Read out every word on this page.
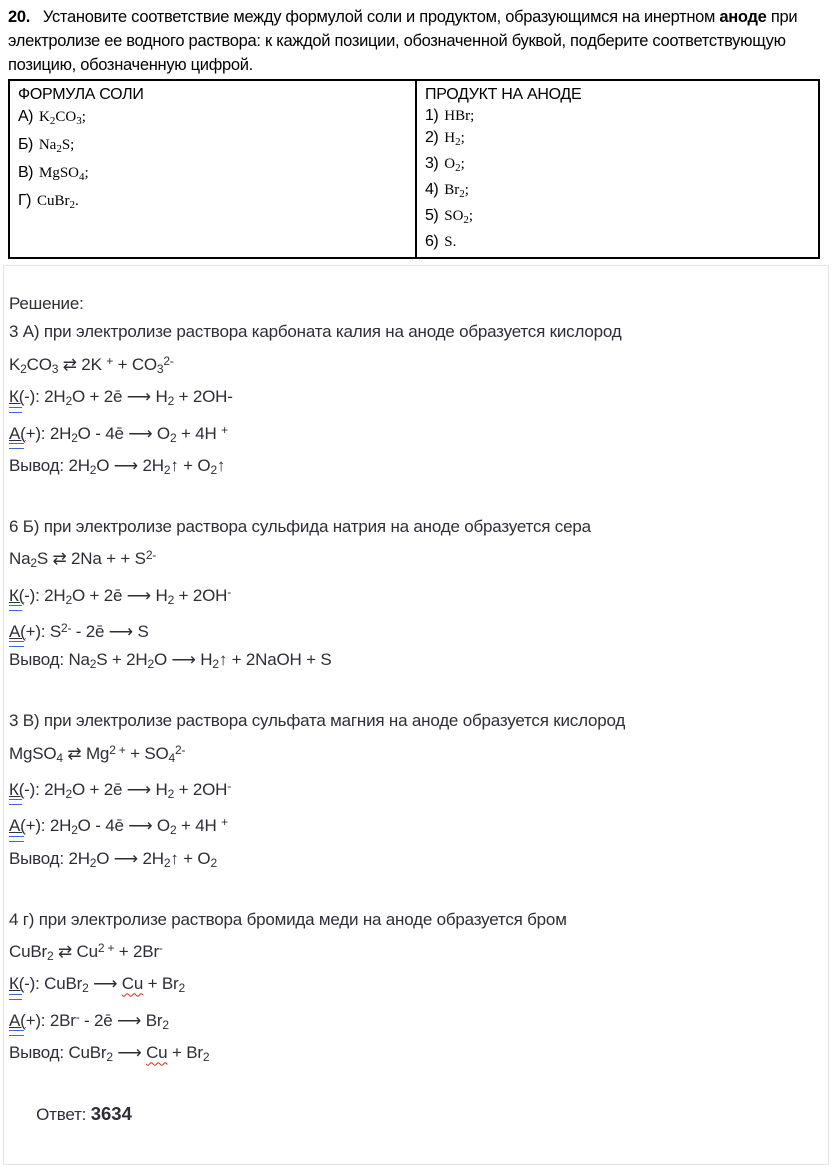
20.   Установите соответствие между формулой соли и продуктом, образующимся на инертном аноде при
электролизе ее водного раствора: к каждой позиции, обозначенной буквой, подберите соответствующую
позицию, обозначенную цифрой.
ФОРМУЛА СОЛИ
А) $K_2CO_3$;
Б) $Na_2S$;
В) MgSO$_4$;
Г) CuBr$_2$.
ПРОДУКТ НА АНОДЕ
1) HBr;
2) $H_2$;
3) $O_2$;
4) $Br_2$;
5) $SO_2$;
6) S.
Решение:
3 А) при электролизе раствора карбоната калия на аноде образуется кислород
$K_2CO_3$ ⇄ 2K $^+ + CO_3^{2-}$
К(-): $2H_2O$ + 2ē ⟶ $H_2 + 2OH-$
А(+): $2H_2O$ - 4ē ⟶ $O_2 + 4H$ +
Вывод: $2H_2O$ ⟶ $2H_2↑$ + $O_2↑$
6 Б) при электролизе раствора сульфида натрия на аноде образуется сера
$Na_2S$ ⇄ 2Na + + $S^{2-}$
К(-): $2H_2O$ + 2ē ⟶ $H_2 + 2OH^-$
А(+): $S^{2-}$ - 2ē ⟶ S
Вывод: $Na_2S + 2H_2O$ ⟶ $H_2↑$ + 2NaOH + S
3 В) при электролизе раствора сульфата магния на аноде образуется кислород
MgSO$_4$ ⇄ $Mg^{2 +} + SO_4^{2-}$
К(-): $2H_2O$ + 2ē ⟶ $H_2 + 2OH^-$
А(+): $2H_2O$ - 4ē ⟶ $O_2 + 4H$ +
Вывод: $2H_2O$ ⟶ $2H_2↑ + O_2$
4 г) при электролизе раствора бромида меди на аноде образуется бром
CuBr$_2$ ⇄ $Cu^{2 +} + 2Br^-$
К(-): CuBr$_2$ ⟶ $Cu + Br_2$
А(+): 2Br- - 2ē ⟶ $Br_2$
Вывод: CuBr$_2$ ⟶ $Cu + Br_2$

Ответ: 3634
